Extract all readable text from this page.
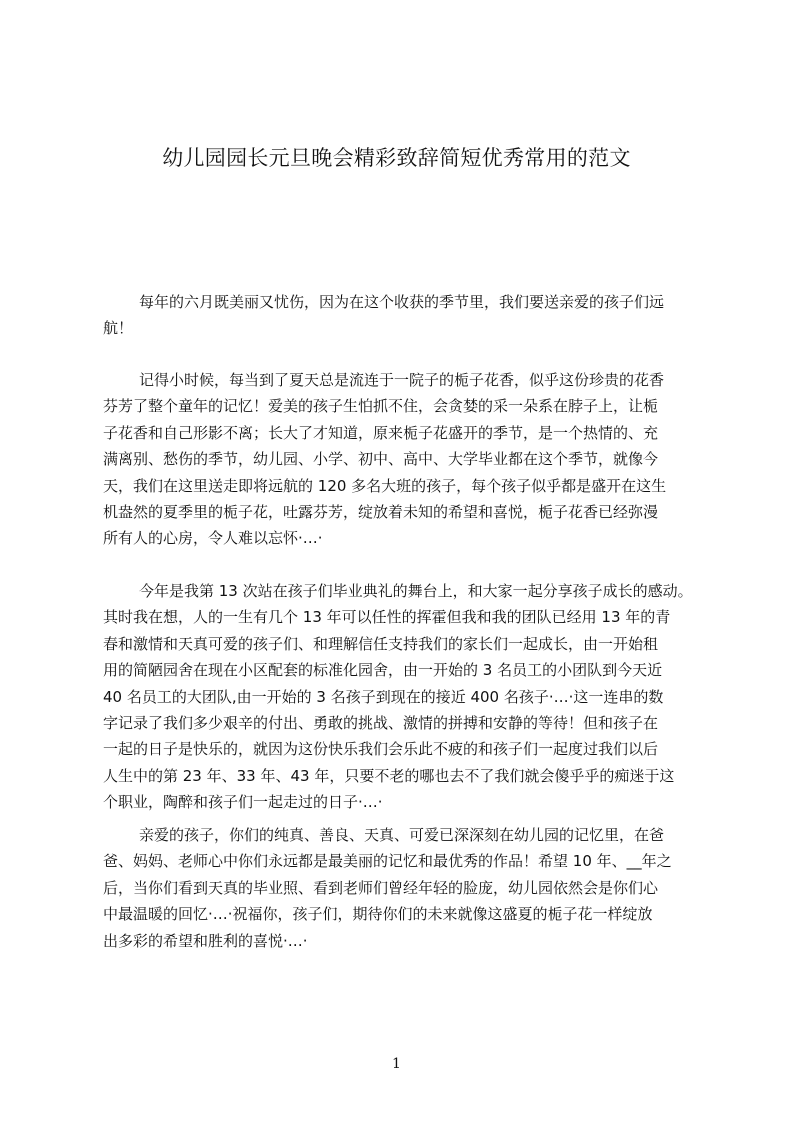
幼儿园园长元旦晚会精彩致辞简短优秀常用的范文
每年的六月既美丽又忧伤，因为在这个收获的季节里，我们要送亲爱的孩子们远
航！
记得小时候，每当到了夏天总是流连于一院子的栀子花香，似乎这份珍贵的花香
芬芳了整个童年的记忆！爱美的孩子生怕抓不住，会贪婪的采一朵系在脖子上，让栀
子花香和自己形影不离；长大了才知道，原来栀子花盛开的季节，是一个热情的、充
满离别、愁伤的季节，幼儿园、小学、初中、高中、大学毕业都在这个季节，就像今
天，我们在这里送走即将远航的 120 多名大班的孩子，每个孩子似乎都是盛开在这生
机盎然的夏季里的栀子花，吐露芬芳，绽放着未知的希望和喜悦，栀子花香已经弥漫
所有人的心房，令人难以忘怀·…·
今年是我第 13 次站在孩子们毕业典礼的舞台上，和大家一起分享孩子成长的感动。
其时我在想，人的一生有几个 13 年可以任性的挥霍但我和我的团队已经用 13 年的青
春和激情和天真可爱的孩子们、和理解信任支持我们的家长们一起成长，由一开始租
用的简陋园舍在现在小区配套的标准化园舍，由一开始的 3 名员工的小团队到今天近
40 名员工的大团队,由一开始的 3 名孩子到现在的接近 400 名孩子·…·这一连串的数
字记录了我们多少艰辛的付出、勇敢的挑战、激情的拼搏和安静的等待！但和孩子在
一起的日子是快乐的，就因为这份快乐我们会乐此不疲的和孩子们一起度过我们以后
人生中的第 23 年、33 年、43 年，只要不老的哪也去不了我们就会傻乎乎的痴迷于这
个职业，陶醉和孩子们一起走过的日子·…·
亲爱的孩子，你们的纯真、善良、天真、可爱已深深刻在幼儿园的记忆里，在爸
爸、妈妈、老师心中你们永远都是最美丽的记忆和最优秀的作品！希望 10 年、__年之
后，当你们看到天真的毕业照、看到老师们曾经年轻的脸庞，幼儿园依然会是你们心
中最温暖的回忆·…·祝福你，孩子们，期待你们的未来就像这盛夏的栀子花一样绽放
出多彩的希望和胜利的喜悦·…·
1
